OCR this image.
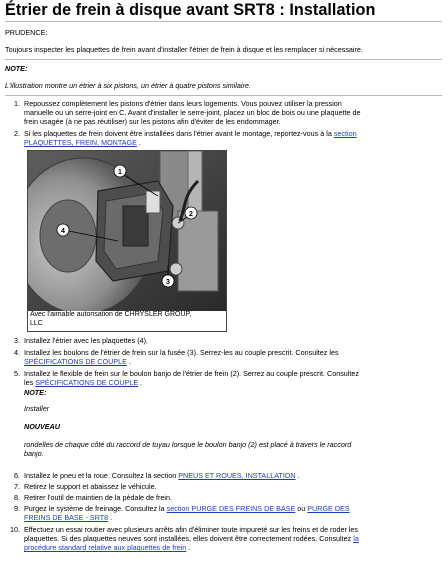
Étrier de frein à disque avant SRT8 : Installation
PRUDENCE:
Toujours inspecter les plaquettes de frein avant d'installer l'étrier de frein à disque et les remplacer si nécessaire.
NOTE:
L'illustration montre un étrier à six pistons, un étrier à quatre pistons similaire.
1. Repoussez complètement les pistons d'étrier dans leurs logements. Vous pouvez utiliser la pression
manuelle ou un serre-joint en C. Avant d'installer le serre-joint, placez un bloc de bois ou une plaquette de
frein usagée (à ne pas réutiliser) sur les pistons afin d'éviter de les endommager.
2. Si les plaquettes de frein doivent être installées dans l'étrier avant le montage, reportez-vous à la section
PLAQUETTES, FREIN, MONTAGE .
1
2
3
4
Avec l'aimable autorisation de CHRYSLER GROUP,
LLC
3. Installez l'étrier avec les plaquettes (4).
4. Installez les boulons de l'étrier de frein sur la fusée (3). Serrez-les au couple prescrit. Consultez les
SPÉCIFICATIONS DE COUPLE .
5. Installez le flexible de frein sur le boulon banjo de l'étrier de frein (2). Serrez au couple prescrit. Consultez
les SPÉCIFICATIONS DE COUPLE .
NOTE:
Installer
NOUVEAU
rondelles de chaque côté du raccord de tuyau lorsque le boulon banjo (2) est placé à travers le raccord
banjo.
6. Installez le pneu et la roue. Consultez la section PNEUS ET ROUES, INSTALLATION .
7. Retirez le support et abaissez le véhicule.
8. Retirer l'outil de maintien de la pédale de frein.
9. Purgez le système de freinage. Consultez la section PURGE DES FREINS DE BASE ou PURGE DES
FREINS DE BASE - SRT8 .
10. Effectuez un essai routier avec plusieurs arrêts afin d'éliminer toute impureté sur les freins et de roder les
plaquettes. Si des plaquettes neuves sont installées, elles doivent être correctement rodées. Consultez la
procédure standard relative aux plaquettes de frein .
